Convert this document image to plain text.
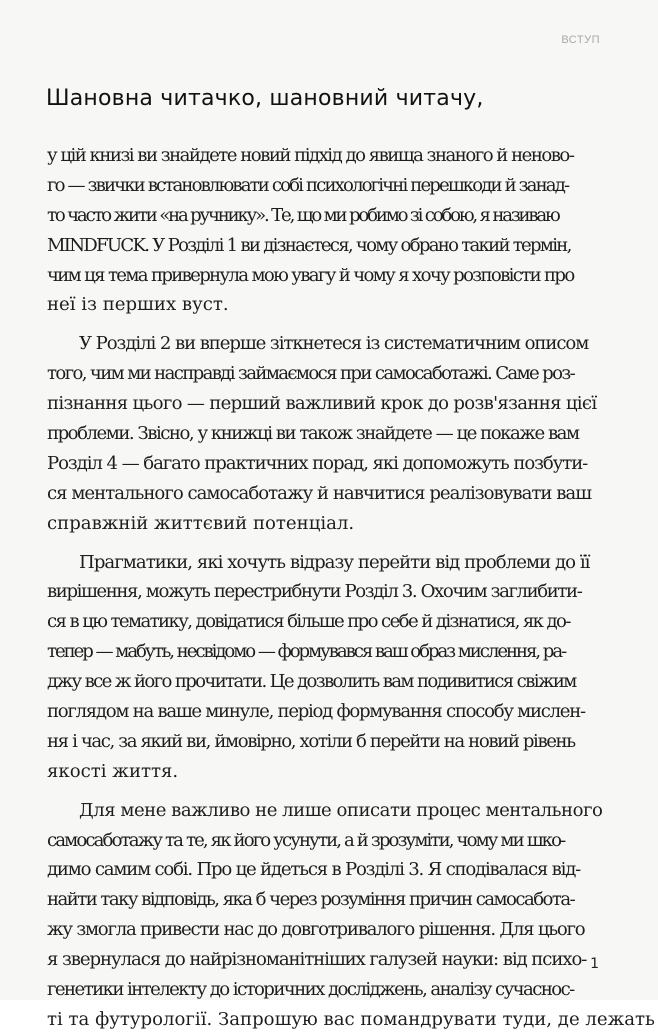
ВСТУП
Шановна читачко, шановний читачу,
у цій книзі ви знайдете новий підхід до явища знаного й неново-
го — звички встановлювати собі психологічні перешкоди й занад-
то часто жити «на ручнику». Те, що ми робимо зі собою, я називаю
MINDFUCK. У Розділі 1 ви дізнаєтеся, чому обрано такий термін,
чим ця тема привернула мою увагу й чому я хочу розповісти про
неї із перших вуст.
У Розділі 2 ви вперше зіткнетеся із систематичним описом
того, чим ми насправді займаємося при самосаботажі. Саме роз-
пізнання цього — перший важливий крок до розв'язання цієї
проблеми. Звісно, у книжці ви також знайдете — це покаже вам
Розділ 4 — багато практичних порад, які допоможуть позбути-
ся ментального самосаботажу й навчитися реалізовувати ваш
справжній життєвий потенціал.
Прагматики, які хочуть відразу перейти від проблеми до її
вирішення, можуть перестрибнути Розділ 3. Охочим заглибити-
ся в цю тематику, довідатися більше про себе й дізнатися, як до-
тепер — мабуть, несвідомо — формувався ваш образ мислення, ра-
джу все ж його прочитати. Це дозволить вам подивитися свіжим
поглядом на ваше минуле, період формування способу мислен-
ня і час, за який ви, ймовірно, хотіли б перейти на новий рівень
якості життя.
Для мене важливо не лише описати процес ментального
самосаботажу та те, як його усунути, а й зрозуміти, чому ми шко-
димо самим собі. Про це йдеться в Розділі 3. Я сподівалася від-
найти таку відповідь, яка б через розуміння причин самосабота-
жу змогла привести нас до довготривалого рішення. Для цього
я звернулася до найрізноманітніших галузей науки: від психо-
генетики інтелекту до історичних досліджень, аналізу сучаснос-
ті та футурології. Запрошую вас помандрувати туди, де лежать
1
